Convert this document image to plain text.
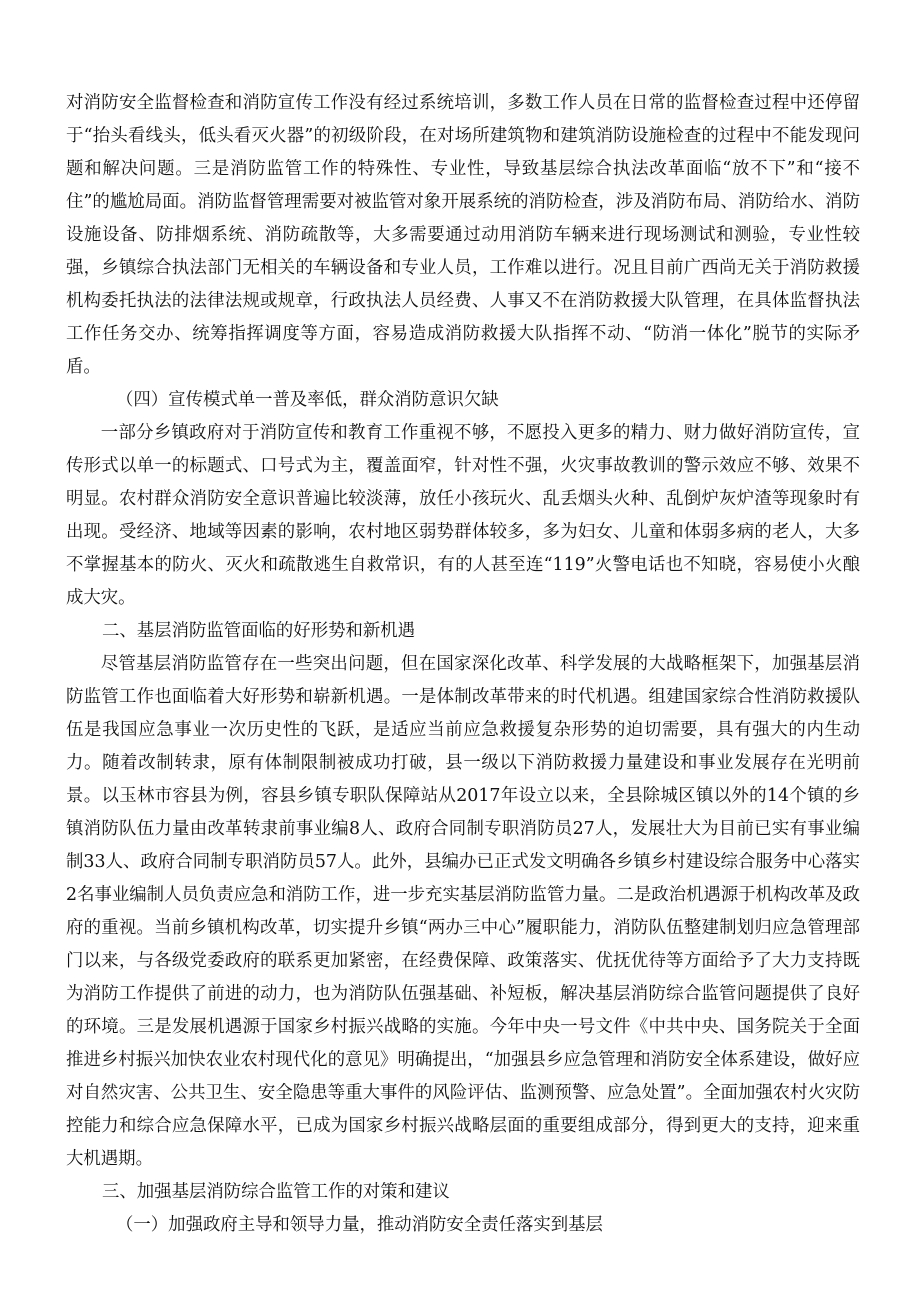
对消防安全监督检查和消防宣传工作没有经过系统培训，多数工作人员在日常的监督检查过程中还停留于“抬头看线头，低头看灭火器”的初级阶段，在对场所建筑物和建筑消防设施检查的过程中不能发现问题和解决问题。三是消防监管工作的特殊性、专业性，导致基层综合执法改革面临“放不下”和“接不住”的尴尬局面。消防监督管理需要对被监管对象开展系统的消防检查，涉及消防布局、消防给水、消防设施设备、防排烟系统、消防疏散等，大多需要通过动用消防车辆来进行现场测试和测验，专业性较强，乡镇综合执法部门无相关的车辆设备和专业人员，工作难以进行。况且目前广西尚无关于消防救援机构委托执法的法律法规或规章，行政执法人员经费、人事又不在消防救援大队管理，在具体监督执法工作任务交办、统筹指挥调度等方面，容易造成消防救援大队指挥不动、“防消一体化”脱节的实际矛盾。

（四）宣传模式单一普及率低，群众消防意识欠缺

一部分乡镇政府对于消防宣传和教育工作重视不够，不愿投入更多的精力、财力做好消防宣传，宣传形式以单一的标题式、口号式为主，覆盖面窄，针对性不强，火灾事故教训的警示效应不够、效果不明显。农村群众消防安全意识普遍比较淡薄，放任小孩玩火、乱丢烟头火种、乱倒炉灰炉渣等现象时有出现。受经济、地域等因素的影响，农村地区弱势群体较多，多为妇女、儿童和体弱多病的老人，大多不掌握基本的防火、灭火和疏散逃生自救常识，有的人甚至连“119”火警电话也不知晓，容易使小火酿成大灾。

二、基层消防监管面临的好形势和新机遇

尽管基层消防监管存在一些突出问题，但在国家深化改革、科学发展的大战略框架下，加强基层消防监管工作也面临着大好形势和崭新机遇。一是体制改革带来的时代机遇。组建国家综合性消防救援队伍是我国应急事业一次历史性的飞跃，是适应当前应急救援复杂形势的迫切需要，具有强大的内生动力。随着改制转隶，原有体制限制被成功打破，县一级以下消防救援力量建设和事业发展存在光明前景。以玉林市容县为例，容县乡镇专职队保障站从2017年设立以来，全县除城区镇以外的14个镇的乡镇消防队伍力量由改革转隶前事业编8人、政府合同制专职消防员27人，发展壮大为目前已实有事业编制33人、政府合同制专职消防员57人。此外，县编办已正式发文明确各乡镇乡村建设综合服务中心落实2名事业编制人员负责应急和消防工作，进一步充实基层消防监管力量。二是政治机遇源于机构改革及政府的重视。当前乡镇机构改革，切实提升乡镇“两办三中心”履职能力，消防队伍整建制划归应急管理部门以来，与各级党委政府的联系更加紧密，在经费保障、政策落实、优抚优待等方面给予了大力支持既为消防工作提供了前进的动力，也为消防队伍强基础、补短板，解决基层消防综合监管问题提供了良好的环境。三是发展机遇源于国家乡村振兴战略的实施。今年中央一号文件《中共中央、国务院关于全面推进乡村振兴加快农业农村现代化的意见》明确提出，“加强县乡应急管理和消防安全体系建设，做好应对自然灾害、公共卫生、安全隐患等重大事件的风险评估、监测预警、应急处置”。全面加强农村火灾防控能力和综合应急保障水平，已成为国家乡村振兴战略层面的重要组成部分，得到更大的支持，迎来重大机遇期。

三、加强基层消防综合监管工作的对策和建议

（一）加强政府主导和领导力量，推动消防安全责任落实到基层
